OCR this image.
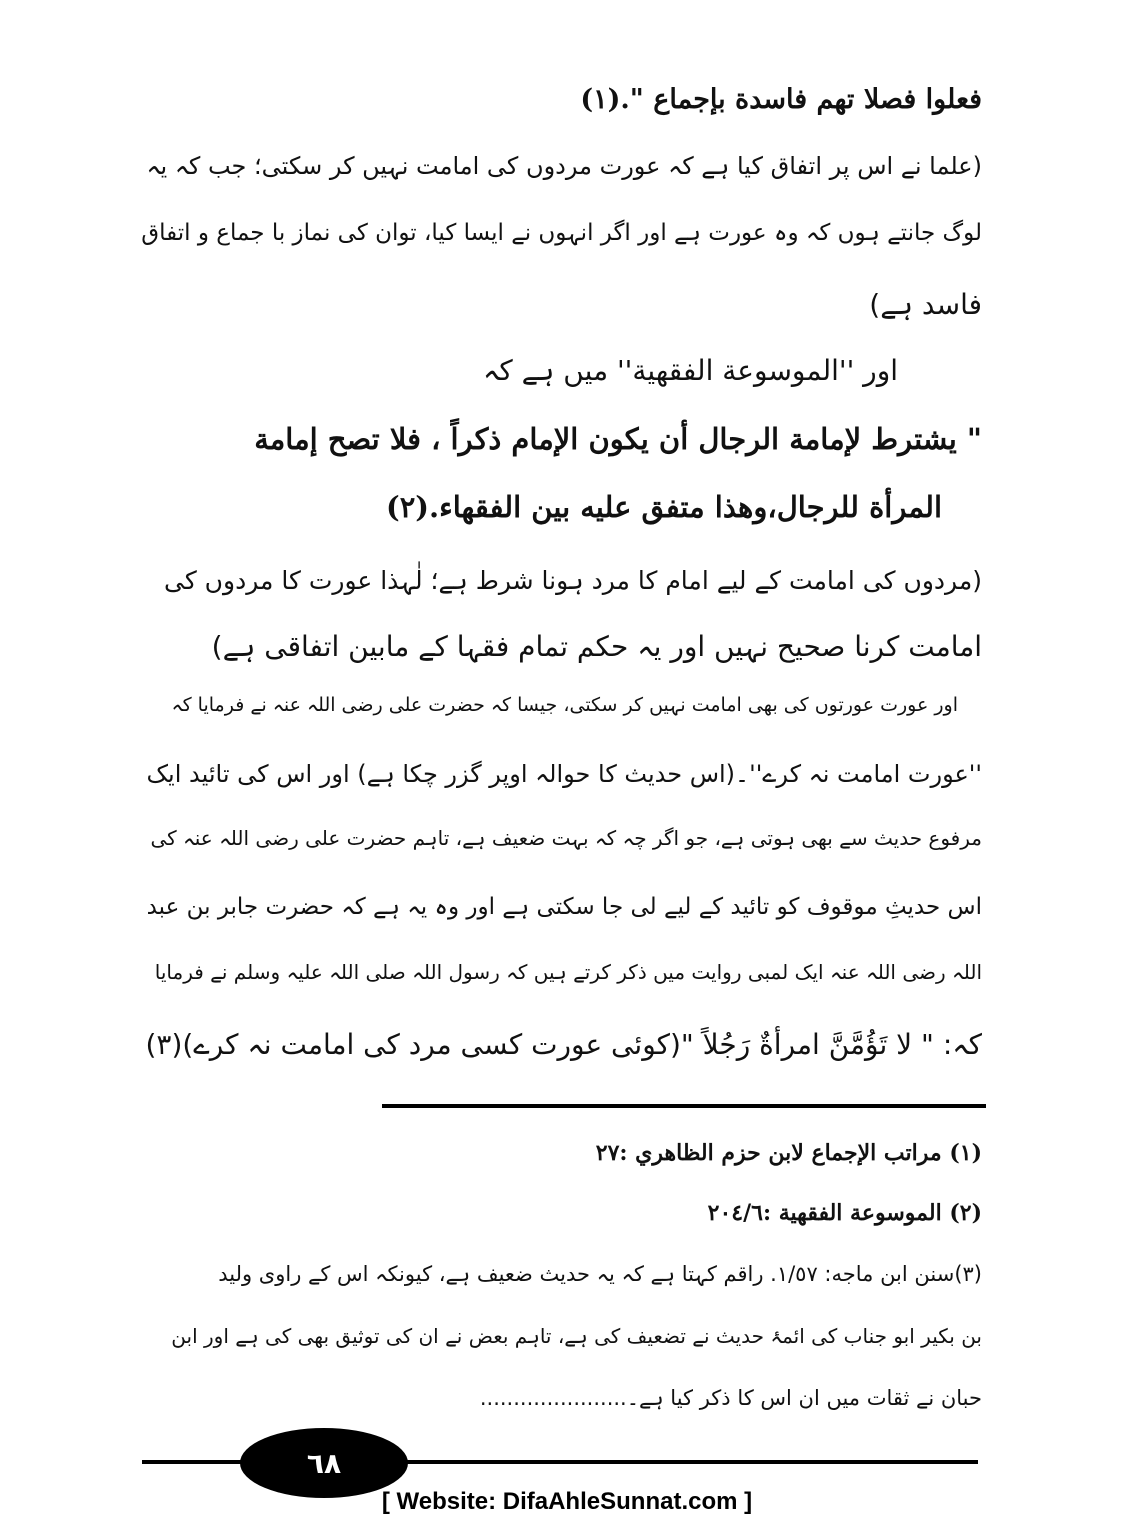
فعلوا فصلا تهم فاسدة بإجماع ".(۱)
(علما نے اس پر اتفاق کیا ہے کہ عورت مردوں کی امامت نہیں کر سکتی؛ جب کہ یہ
لوگ جانتے ہوں کہ وہ عورت ہے اور اگر انہوں نے ایسا کیا، توان کی نماز با جماع و اتفاق
فاسد ہے)
اور ''الموسوعة الفقهية'' میں ہے کہ
" يشترط لإمامة الرجال أن يكون الإمام ذكراً ، فلا تصح إمامة
المرأة للرجال،وهذا متفق عليه بين الفقهاء.(٢)
(مردوں کی امامت کے لیے امام کا مرد ہونا شرط ہے؛ لٰہذا عورت کا مردوں کی
امامت کرنا صحیح نہیں اور یہ حکم تمام فقہا کے مابین اتفاقی ہے)
اور عورت عورتوں کی بھی امامت نہیں کر سکتی، جیسا کہ حضرت علی رضی اللہ عنہ نے فرمایا کہ
''عورت امامت نہ کرے''۔(اس حدیث کا حوالہ اوپر گزر چکا ہے) اور اس کی تائید ایک
مرفوع حدیث سے بھی ہوتی ہے، جو اگر چہ کہ بہت ضعیف ہے، تاہم حضرت علی رضی اللہ عنہ کی
اس حدیثِ موقوف کو تائید کے لیے لی جا سکتی ہے اور وہ یہ ہے کہ حضرت جابر بن عبد
اللہ رضی اللہ عنہ ایک لمبی روایت میں ذکر کرتے ہیں کہ رسول اللہ صلی اللہ علیہ وسلم نے فرمایا
کہ: " لا تَؤُمَّنَّ امرأةٌ رَجُلاً "(کوئی عورت کسی مرد کی امامت نہ کرے)(۳)
(۱) مراتب الإجماع لابن حزم الظاهري :٢٧
(۲) الموسوعة الفقهية :٢٠٤/٦
(۳)سنن ابن ماجه: ١/٥٧. راقم کہتا ہے کہ یہ حدیث ضعیف ہے، کیونکہ اس کے راوی ولید
بن بکیر ابو جناب کی ائمۂ حدیث نے تضعیف کی ہے، تاہم بعض نے ان کی توثیق بھی کی ہے اور ابن
حبان نے ثقات میں ان اس کا ذکر کیا ہے۔......................
٦٨
[ Website: DifaAhleSunnat.com ]
